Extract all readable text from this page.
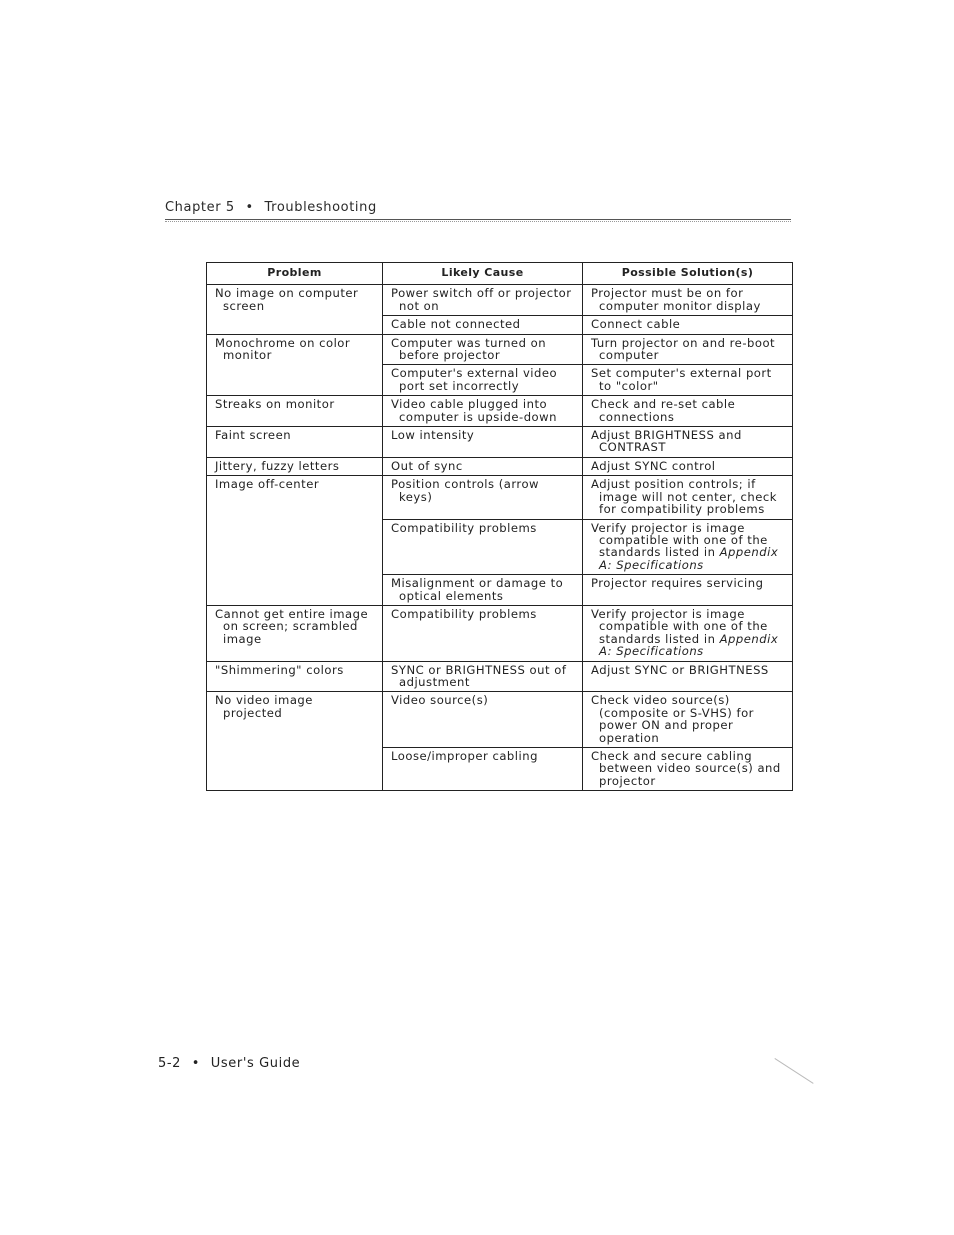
Chapter 5 • Troubleshooting
Problem	Likely Cause	Possible Solution(s)

No image on computer screen	Power switch off or projector not on	Projector must be on for computer monitor display

	Cable not connected	Connect cable

Monochrome on color monitor	Computer was turned on before projector	Turn projector on and re-boot computer

	Computer's external video port set incorrectly	Set computer's external port to "color"

Streaks on monitor	Video cable plugged into computer is upside-down	Check and re-set cable connections

Faint screen	Low intensity	Adjust BRIGHTNESS and CONTRAST

Jittery, fuzzy letters	Out of sync	Adjust SYNC control

Image off-center	Position controls (arrow keys)	Adjust position controls; if image will not center, check for compatibility problems

	Compatibility problems	Verify projector is image compatible with one of the standards listed in Appendix A: Specifications

	Misalignment or damage to optical elements	Projector requires servicing

Cannot get entire image on screen; scrambled image	Compatibility problems	Verify projector is image compatible with one of the standards listed in Appendix A: Specifications

"Shimmering" colors	SYNC or BRIGHTNESS out of adjustment	Adjust SYNC or BRIGHTNESS

No video image projected	Video source(s)	Check video source(s) (composite or S-VHS) for power ON and proper operation

	Loose/improper cabling	Check and secure cabling between video source(s) and projector
5-2 • User's Guide
